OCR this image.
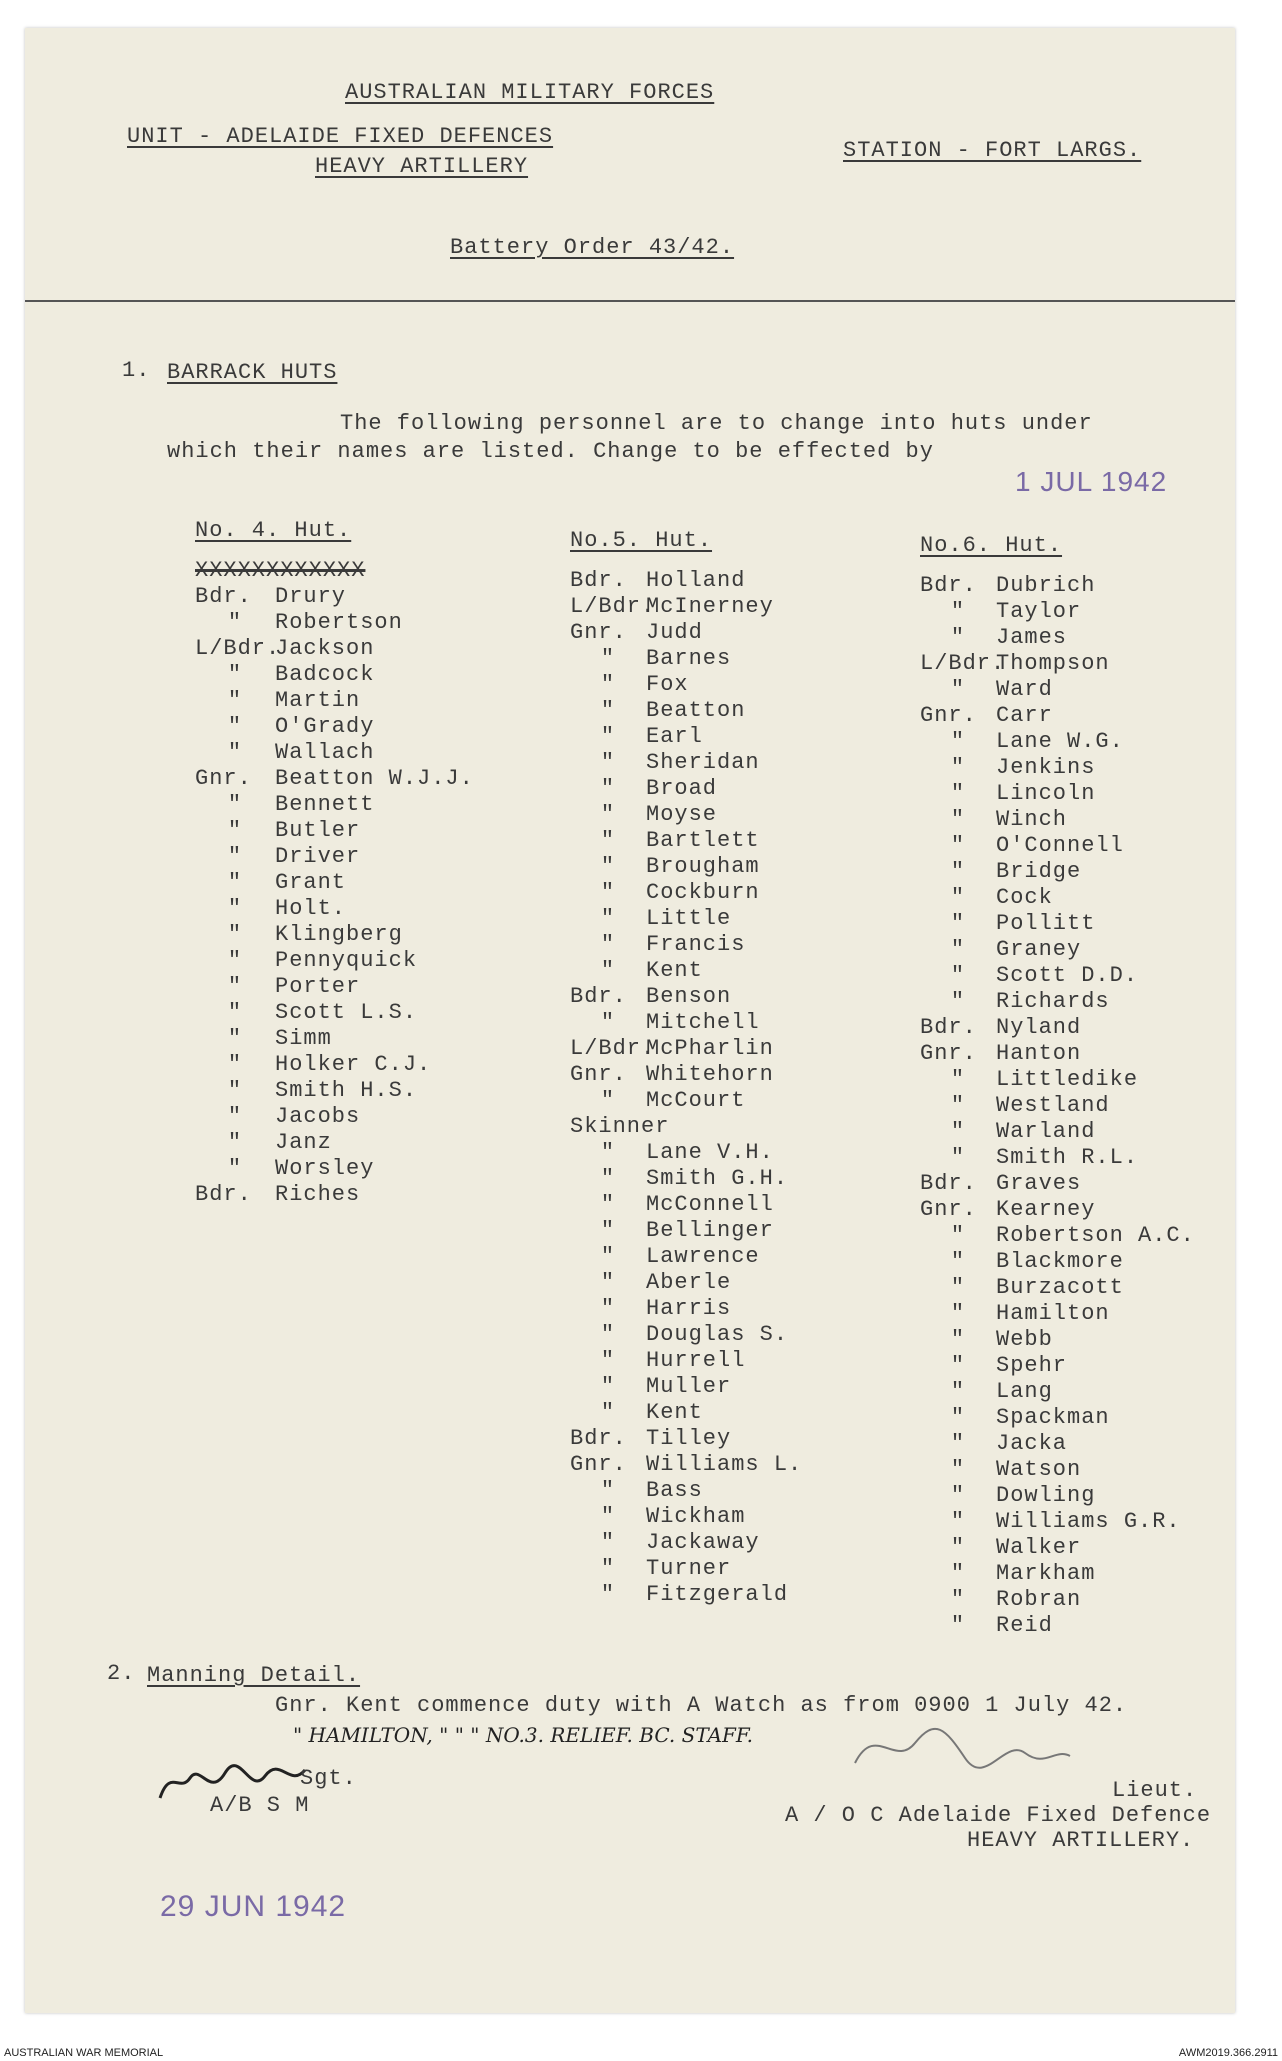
AUSTRALIAN MILITARY FORCES
UNIT - ADELAIDE FIXED DEFENCES
HEAVY ARTILLERY
STATION - FORT LARGS.
Battery Order 43/42.
1. BARRACK HUTS
The following personnel are to change into huts under
which their names are listed. Change to be effected by
1 JUL 1942
No. 4. Hut.
XXXXXXXXXXXX
Bdr. Drury
" Robertson
L/Bdr.Jackson
" Badcock
" Martin
" O'Grady
" Wallach
Gnr. Beatton W.J.J.
" Bennett
" Butler
" Driver
" Grant
" Holt.
" Klingberg
" Pennyquick
" Porter
" Scott L.S.
" Simm
" Holker C.J.
" Smith H.S.
" Jacobs
" Janz
" Worsley
Bdr. Riches
No.5. Hut.
Bdr. Holland
L/Bdr.McInerney
Gnr. Judd
" Barnes
" Fox
" Beatton
" Earl
" Sheridan
" Broad
" Moyse
" Bartlett
" Brougham
" Cockburn
" Little
" Francis
" Kent
Bdr. Benson
" Mitchell
L/Bdr.McPharlin
Gnr. Whitehorn
" McCourt
Skinner
" Lane V.H.
" Smith G.H.
" McConnell
" Bellinger
" Lawrence
" Aberle
" Harris
" Douglas S.
" Hurrell
" Muller
" Kent
Bdr. Tilley
Gnr. Williams L.
" Bass
" Wickham
" Jackaway
" Turner
" Fitzgerald
No.6. Hut.
Bdr. Dubrich
" Taylor
" James
L/Bdr.Thompson
" Ward
Gnr. Carr
" Lane W.G.
" Jenkins
" Lincoln
" Winch
" O'Connell
" Bridge
" Cock
" Pollitt
" Graney
" Scott D.D.
" Richards
Bdr. Nyland
Gnr. Hanton
" Littledike
" Westland
" Warland
" Smith R.L.
Bdr. Graves
Gnr. Kearney
" Robertson A.C.
" Blackmore
" Burzacott
" Hamilton
" Webb
" Spehr
" Lang
" Spackman
" Jacka
" Watson
" Dowling
" Williams G.R.
" Walker
" Markham
" Robran
" Reid
2. Manning Detail.
Gnr. Kent commence duty with A Watch as from 0900 1 July 42.
" HAMILTON, " " " NO.3. RELIEF. BC. STAFF.
Sgt.
A/B S M
Lieut.
A / O C Adelaide Fixed Defence
HEAVY ARTILLERY.
29 JUN 1942
AUSTRALIAN WAR MEMORIAL	AWM2019.366.2911
